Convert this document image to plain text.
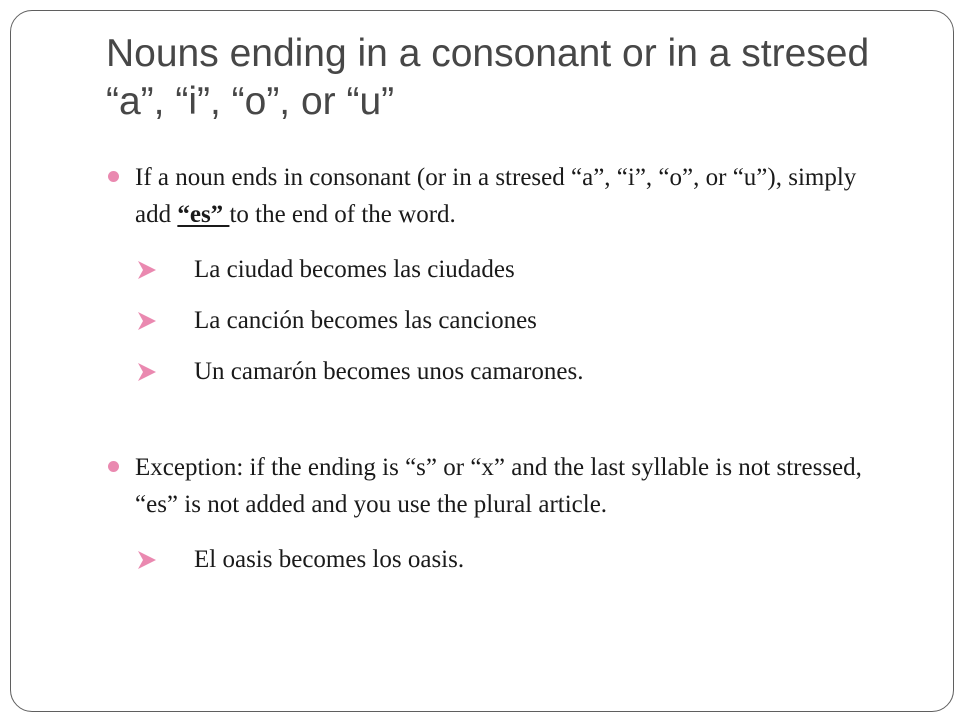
Nouns ending in a consonant or in a stresed “a”, “i”, “o”, or “u”

If a noun ends in consonant (or in a stresed “a”, “i”, “o”, or “u”), simply add “es” to the end of the word.

La ciudad becomes las ciudades
La canción becomes las canciones
Un camarón becomes unos camarones.

Exception: if the ending is “s” or “x” and the last syllable is not stressed, “es” is not added and you use the plural article.

El oasis becomes los oasis.
